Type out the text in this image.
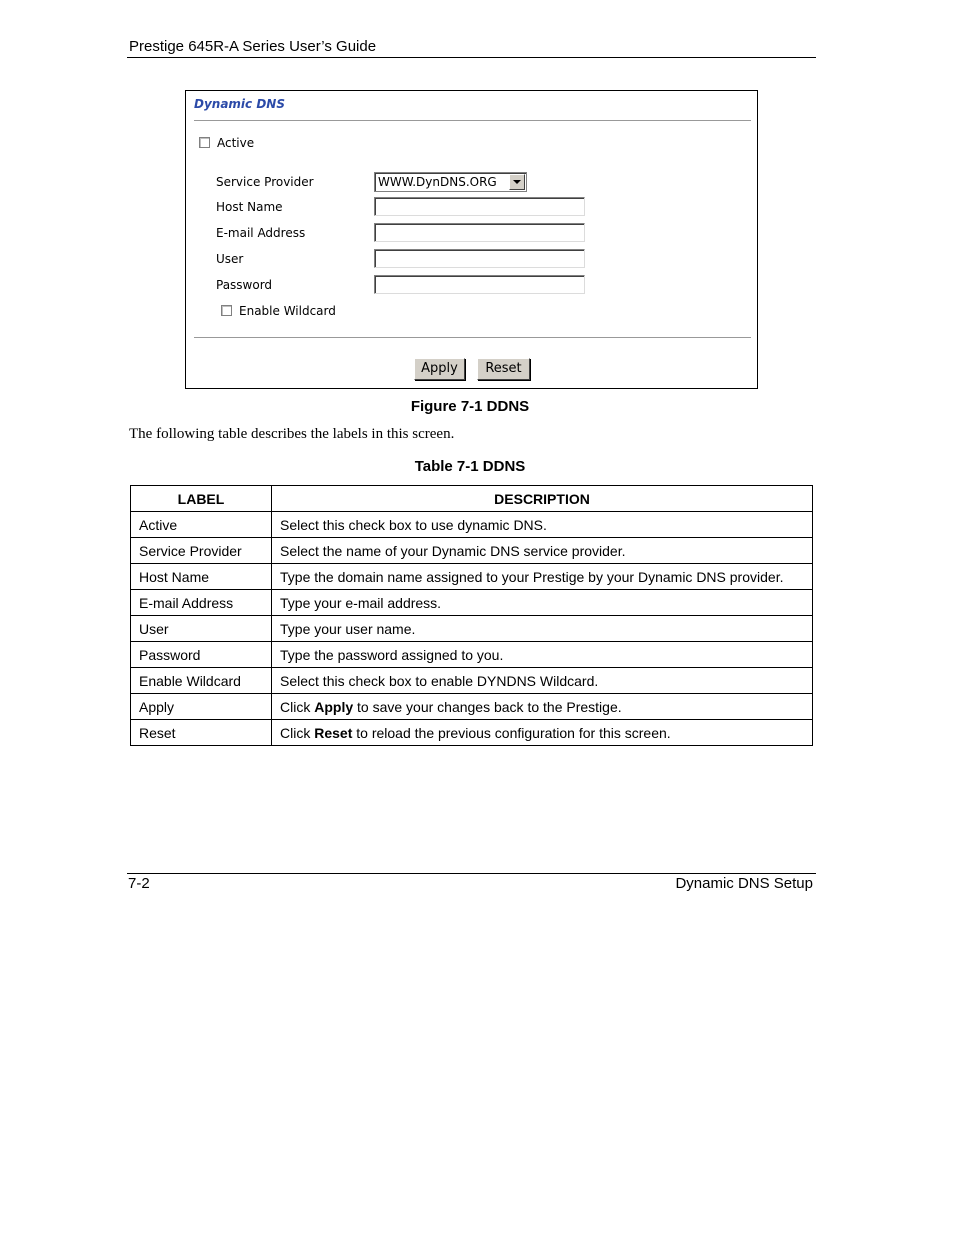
Prestige 645R-A Series User’s Guide
Dynamic DNS
Active
Service Provider	WWW.DynDNS.ORG
Host Name
E-mail Address
User
Password
Enable Wildcard
Apply	Reset
Figure 7-1 DDNS
The following table describes the labels in this screen.
Table 7-1 DDNS
LABEL	DESCRIPTION
Active	Select this check box to use dynamic DNS.
Service Provider	Select the name of your Dynamic DNS service provider.
Host Name	Type the domain name assigned to your Prestige by your Dynamic DNS provider.
E-mail Address	Type your e-mail address.
User	Type your user name.
Password	Type the password assigned to you.
Enable Wildcard	Select this check box to enable DYNDNS Wildcard.
Apply	Click Apply to save your changes back to the Prestige.
Reset	Click Reset to reload the previous configuration for this screen.
7-2	Dynamic DNS Setup
